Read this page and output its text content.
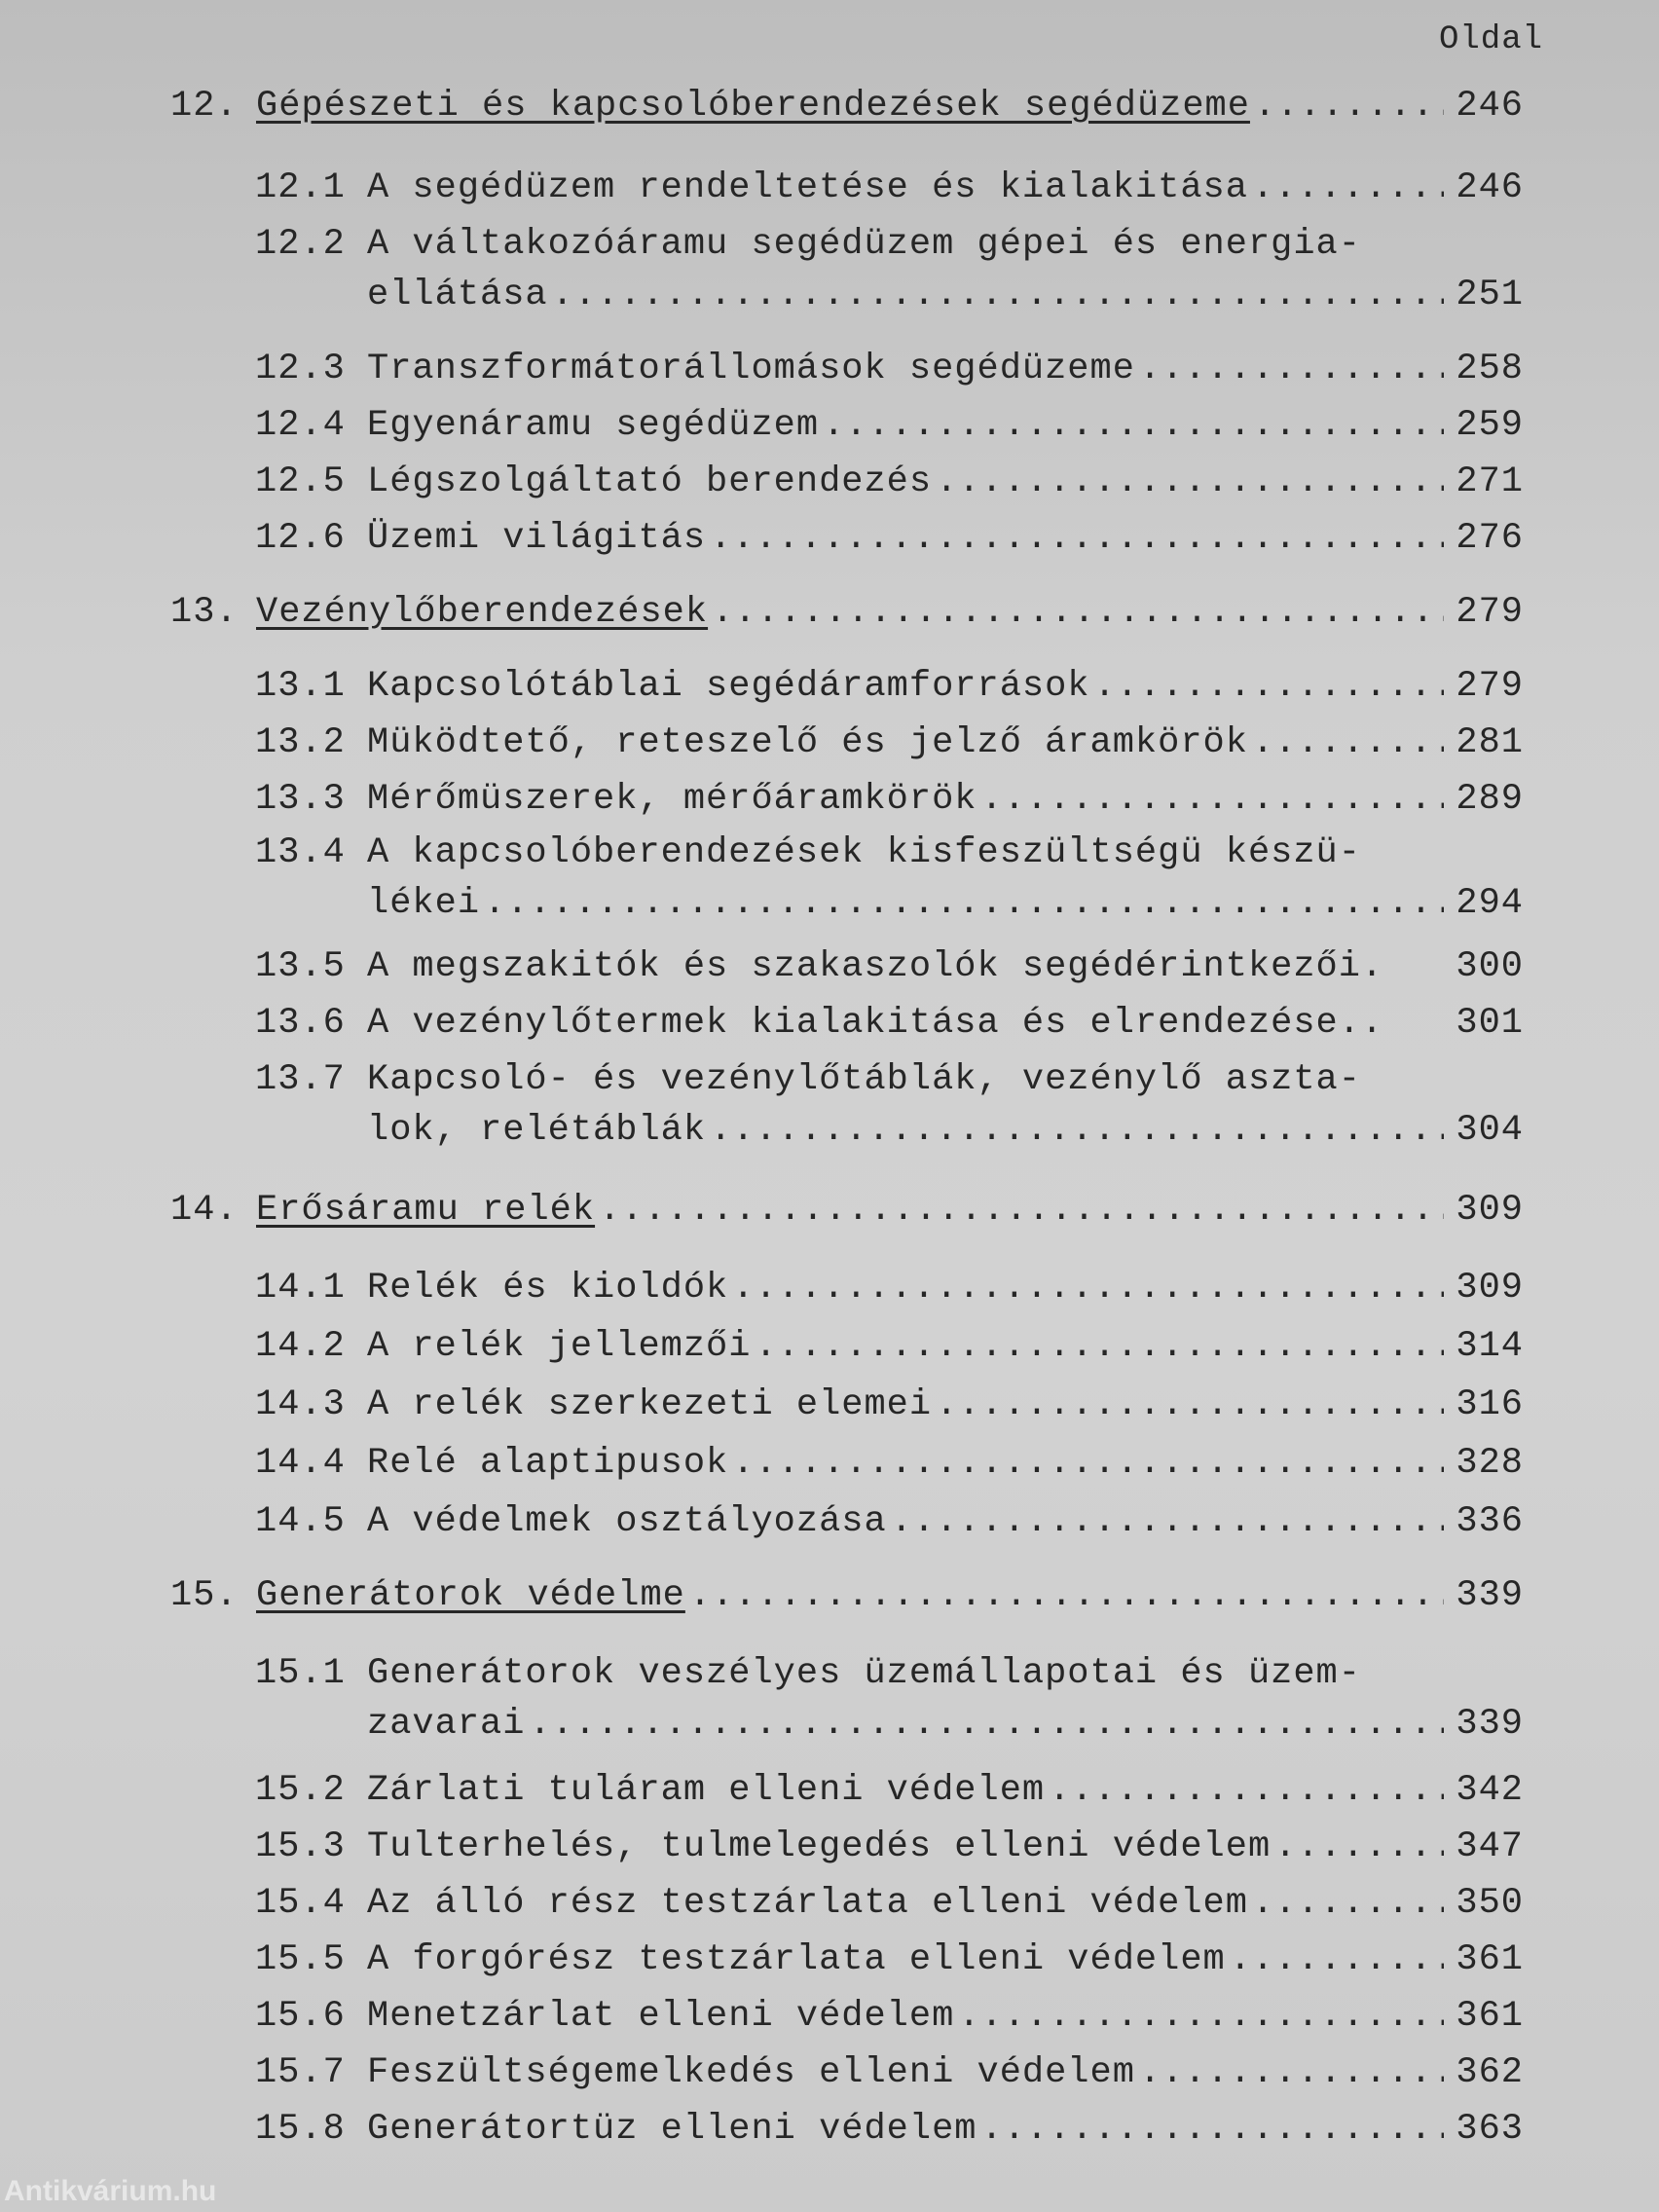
Oldal
12. Gépészeti és kapcsolóberendezések segédüzeme .....	246
12.1 A segédüzem rendeltetése és kialakitása .....	246
12.2 A váltakozóáramu segédüzem gépei és energia-
ellátása .....	251
12.3 Transzformátorállomások segédüzeme .....	258
12.4 Egyenáramu segédüzem .....	259
12.5 Légszolgáltató berendezés .....	271
12.6 Üzemi világitás .....	276
13. Vezénylőberendezések .....	279
13.1 Kapcsolótáblai segédáramforrások .....	279
13.2 Müködtető, reteszelő és jelző áramkörök .....	281
13.3 Mérőmüszerek, mérőáramkörök .....	289
13.4 A kapcsolóberendezések kisfeszültségü készü-
lékei .....	294
13.5 A megszakitók és szakaszolók segédérintkezői. 300
13.6 A vezénylőtermek kialakitása és elrendezése.. 301
13.7 Kapcsoló- és vezénylőtáblák, vezénylő aszta-
lok, relétáblák .....	304
14. Erősáramu relék .....	309
14.1 Relék és kioldók .....	309
14.2 A relék jellemzői .....	314
14.3 A relék szerkezeti elemei .....	316
14.4 Relé alaptipusok .....	328
14.5 A védelmek osztályozása .....	336
15. Generátorok védelme .....	339
15.1 Generátorok veszélyes üzemállapotai és üzem-
zavarai .....	339
15.2 Zárlati tuláram elleni védelem .....	342
15.3 Tulterhelés, tulmelegedés elleni védelem .....	347
15.4 Az álló rész testzárlata elleni védelem .....	350
15.5 A forgórész testzárlata elleni védelem .....	361
15.6 Menetzárlat elleni védelem .....	361
15.7 Feszültségemelkedés elleni védelem .....	362
15.8 Generátortüz elleni védelem .....	363
Antikvárium.hu
